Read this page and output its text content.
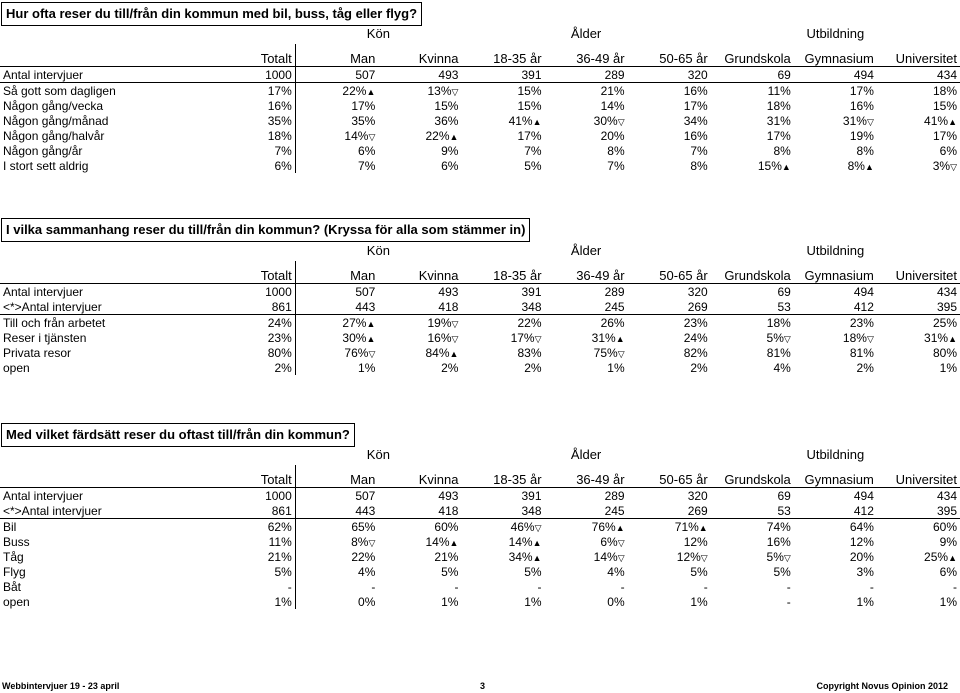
Hur ofta reser du till/från din kommun med bil, buss, tåg eller flyg?
		Kön		Ålder			Utbildning		
	Totalt	Man	Kvinna	18-35 år	36-49 år	50-65 år	Grundskola	Gymnasium	Universitet
Antal intervjuer	1000	507	493	391	289	320	69	494	434
Så gott som dagligen	17%	22% ▲	13% ▽	15%	21%	16%	11%	17%	18%
Någon gång/vecka	16%	17%	15%	15%	14%	17%	18%	16%	15%
Någon gång/månad	35%	35%	36%	41% ▲	30% ▽	34%	31%	31% ▽	41% ▲
Någon gång/halvår	18%	14% ▽	22% ▲	17%	20%	16%	17%	19%	17%
Någon gång/år	7%	6%	9%	7%	8%	7%	8%	8%	6%
I stort sett aldrig	6%	7%	6%	5%	7%	8%	15% ▲	8% ▲	3% ▽
I vilka sammanhang reser du till/från din kommun? (Kryssa för alla som stämmer in)
		Kön		Ålder			Utbildning		
	Totalt	Man	Kvinna	18-35 år	36-49 år	50-65 år	Grundskola	Gymnasium	Universitet
Antal intervjuer	1000	507	493	391	289	320	69	494	434
<*>Antal intervjuer	861	443	418	348	245	269	53	412	395
Till och från arbetet	24%	27% ▲	19% ▽	22%	26%	23%	18%	23%	25%
Reser i tjänsten	23%	30% ▲	16% ▽	17% ▽	31% ▲	24%	5% ▽	18% ▽	31% ▲
Privata resor	80%	76% ▽	84% ▲	83%	75% ▽	82%	81%	81%	80%
open	2%	1%	2%	2%	1%	2%	4%	2%	1%
Med vilket färdsätt reser du oftast till/från din kommun?
		Kön		Ålder			Utbildning		
	Totalt	Man	Kvinna	18-35 år	36-49 år	50-65 år	Grundskola	Gymnasium	Universitet
Antal intervjuer	1000	507	493	391	289	320	69	494	434
<*>Antal intervjuer	861	443	418	348	245	269	53	412	395
Bil	62%	65%	60%	46% ▽	76% ▲	71% ▲	74%	64%	60%
Buss	11%	8% ▽	14% ▲	14% ▲	6% ▽	12%	16%	12%	9%
Tåg	21%	22%	21%	34% ▲	14% ▽	12% ▽	5% ▽	20%	25% ▲
Flyg	5%	4%	5%	5%	4%	5%	5%	3%	6%
Båt	-	-	-	-	-	-	-	-	-
open	1%	0%	1%	1%	0%	1%	-	1%	1%
Webbintervjuer 19 - 23 april	3	Copyright Novus Opinion 2012
